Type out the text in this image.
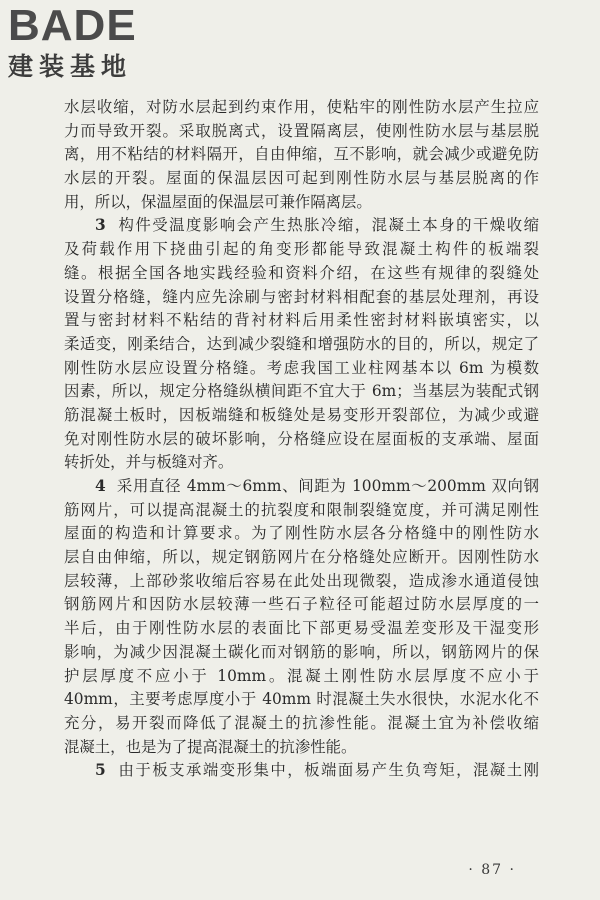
BADE
建装基地
水层收缩，对防水层起到约束作用，使粘牢的刚性防水层产生拉应
力而导致开裂。采取脱离式，设置隔离层，使刚性防水层与基层脱
离，用不粘结的材料隔开，自由伸缩，互不影响，就会减少或避免防
水层的开裂。屋面的保温层因可起到刚性防水层与基层脱离的作
用，所以，保温屋面的保温层可兼作隔离层。
3 构件受温度影响会产生热胀冷缩，混凝土本身的干燥收缩
及荷载作用下挠曲引起的角变形都能导致混凝土构件的板端裂
缝。根据全国各地实践经验和资料介绍，在这些有规律的裂缝处
设置分格缝，缝内应先涂刷与密封材料相配套的基层处理剂，再设
置与密封材料不粘结的背衬材料后用柔性密封材料嵌填密实，以
柔适变，刚柔结合，达到减少裂缝和增强防水的目的，所以，规定了
刚性防水层应设置分格缝。考虑我国工业柱网基本以 6m 为模数
因素，所以，规定分格缝纵横间距不宜大于 6m；当基层为装配式钢
筋混凝土板时，因板端缝和板缝处是易变形开裂部位，为减少或避
免对刚性防水层的破坏影响，分格缝应设在屋面板的支承端、屋面
转折处，并与板缝对齐。
4 采用直径 4mm～6mm、间距为 100mm～200mm 双向钢
筋网片，可以提高混凝土的抗裂度和限制裂缝宽度，并可满足刚性
屋面的构造和计算要求。为了刚性防水层各分格缝中的刚性防水
层自由伸缩，所以，规定钢筋网片在分格缝处应断开。因刚性防水
层较薄，上部砂浆收缩后容易在此处出现微裂，造成渗水通道侵蚀
钢筋网片和因防水层较薄一些石子粒径可能超过防水层厚度的一
半后，由于刚性防水层的表面比下部更易受温差变形及干湿变形
影响，为减少因混凝土碳化而对钢筋的影响，所以，钢筋网片的保
护层厚度不应小于 10mm。混凝土刚性防水层厚度不应小于
40mm，主要考虑厚度小于 40mm 时混凝土失水很快，水泥水化不
充分，易开裂而降低了混凝土的抗渗性能。混凝土宜为补偿收缩
混凝土，也是为了提高混凝土的抗渗性能。
5 由于板支承端变形集中，板端面易产生负弯矩，混凝土刚
· 87 ·
